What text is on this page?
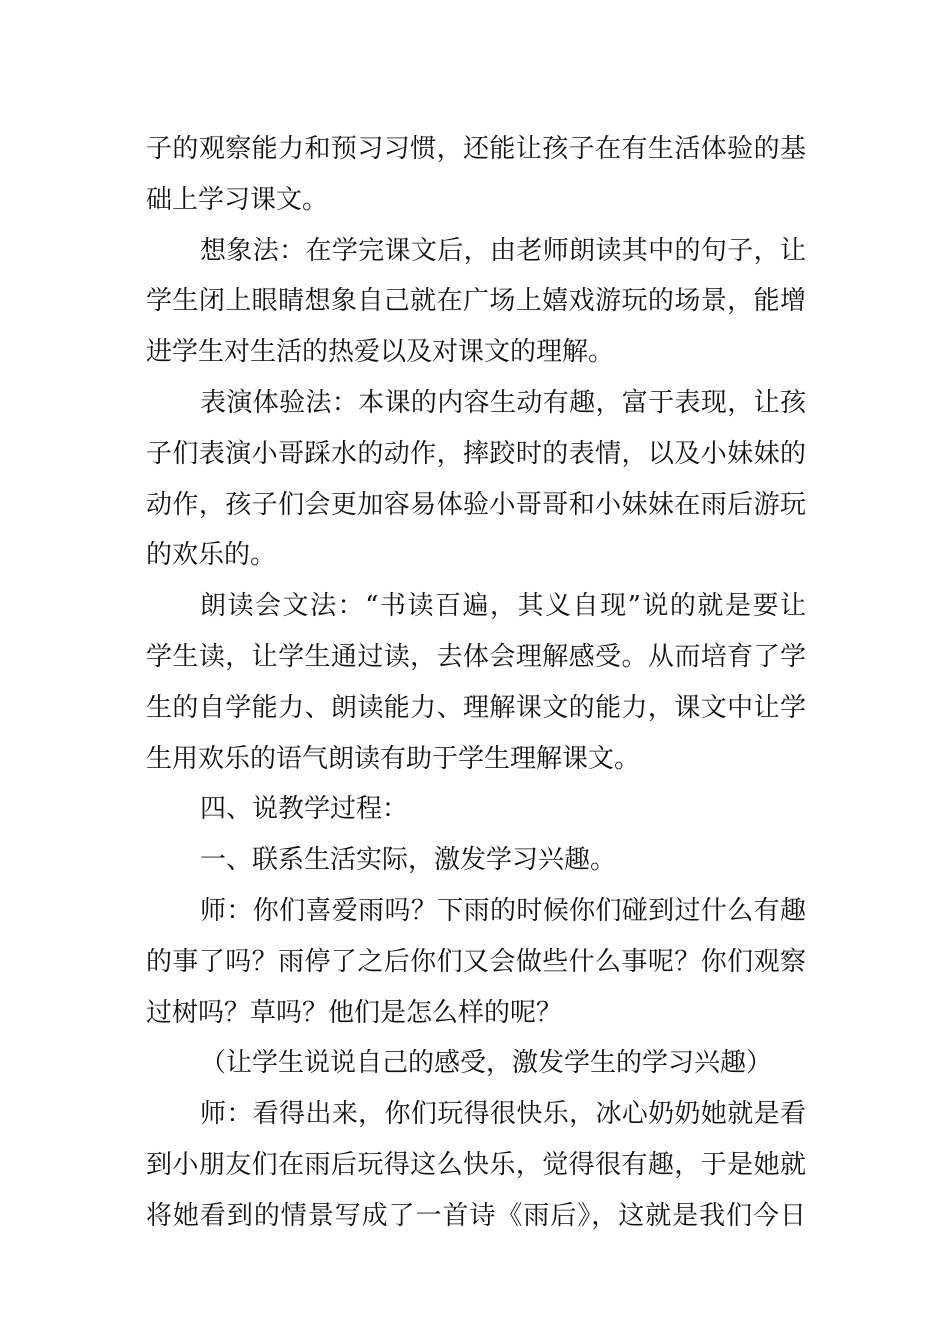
子的观察能力和预习习惯，还能让孩子在有生活体验的基
础上学习课文。
想象法：在学完课文后，由老师朗读其中的句子，让
学生闭上眼睛想象自己就在广场上嬉戏游玩的场景，能增
进学生对生活的热爱以及对课文的理解。
表演体验法：本课的内容生动有趣，富于表现，让孩
子们表演小哥踩水的动作，摔跤时的表情，以及小妹妹的
动作，孩子们会更加容易体验小哥哥和小妹妹在雨后游玩
的欢乐的。
朗读会文法：“书读百遍，其义自现”说的就是要让
学生读，让学生通过读，去体会理解感受。从而培育了学
生的自学能力、朗读能力、理解课文的能力，课文中让学
生用欢乐的语气朗读有助于学生理解课文。
四、说教学过程：
一、联系生活实际，激发学习兴趣。
师：你们喜爱雨吗？下雨的时候你们碰到过什么有趣
的事了吗？雨停了之后你们又会做些什么事呢？你们观察
过树吗？草吗？他们是怎么样的呢？
（让学生说说自己的感受，激发学生的学习兴趣）
师：看得出来，你们玩得很快乐，冰心奶奶她就是看
到小朋友们在雨后玩得这么快乐，觉得很有趣，于是她就
将她看到的情景写成了一首诗《雨后》，这就是我们今日
